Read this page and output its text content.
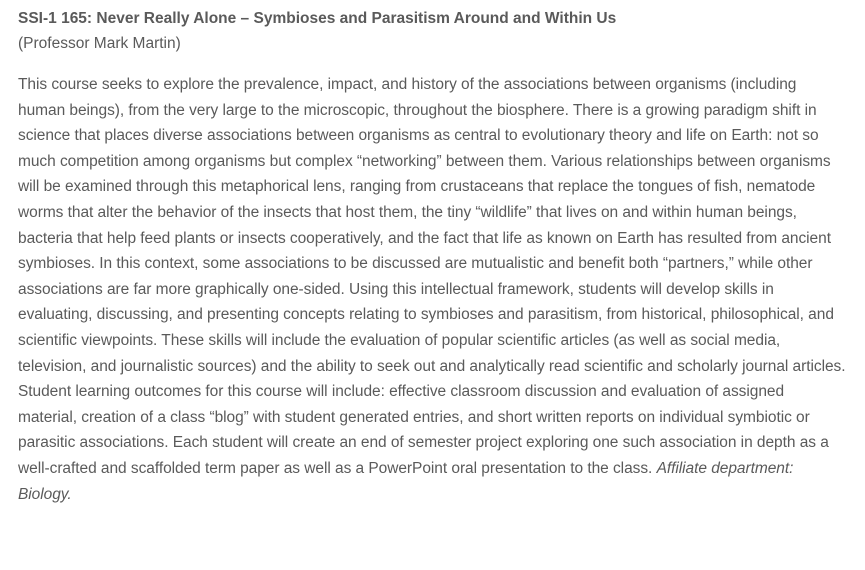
SSI-1 165: Never Really Alone – Symbioses and Parasitism Around and Within Us

(Professor Mark Martin)

This course seeks to explore the prevalence, impact, and history of the associations between organisms (including human beings), from the very large to the microscopic, throughout the biosphere. There is a growing paradigm shift in science that places diverse associations between organisms as central to evolutionary theory and life on Earth: not so much competition among organisms but complex “networking” between them. Various relationships between organisms will be examined through this metaphorical lens, ranging from crustaceans that replace the tongues of fish, nematode worms that alter the behavior of the insects that host them, the tiny “wildlife” that lives on and within human beings, bacteria that help feed plants or insects cooperatively, and the fact that life as known on Earth has resulted from ancient symbioses. In this context, some associations to be discussed are mutualistic and benefit both “partners,” while other associations are far more graphically one-sided. Using this intellectual framework, students will develop skills in evaluating, discussing, and presenting concepts relating to symbioses and parasitism, from historical, philosophical, and scientific viewpoints. These skills will include the evaluation of popular scientific articles (as well as social media, television, and journalistic sources) and the ability to seek out and analytically read scientific and scholarly journal articles. Student learning outcomes for this course will include: effective classroom discussion and evaluation of assigned material, creation of a class “blog” with student generated entries, and short written reports on individual symbiotic or parasitic associations. Each student will create an end of semester project exploring one such association in depth as a well-crafted and scaffolded term paper as well as a PowerPoint oral presentation to the class. Affiliate department: Biology.
